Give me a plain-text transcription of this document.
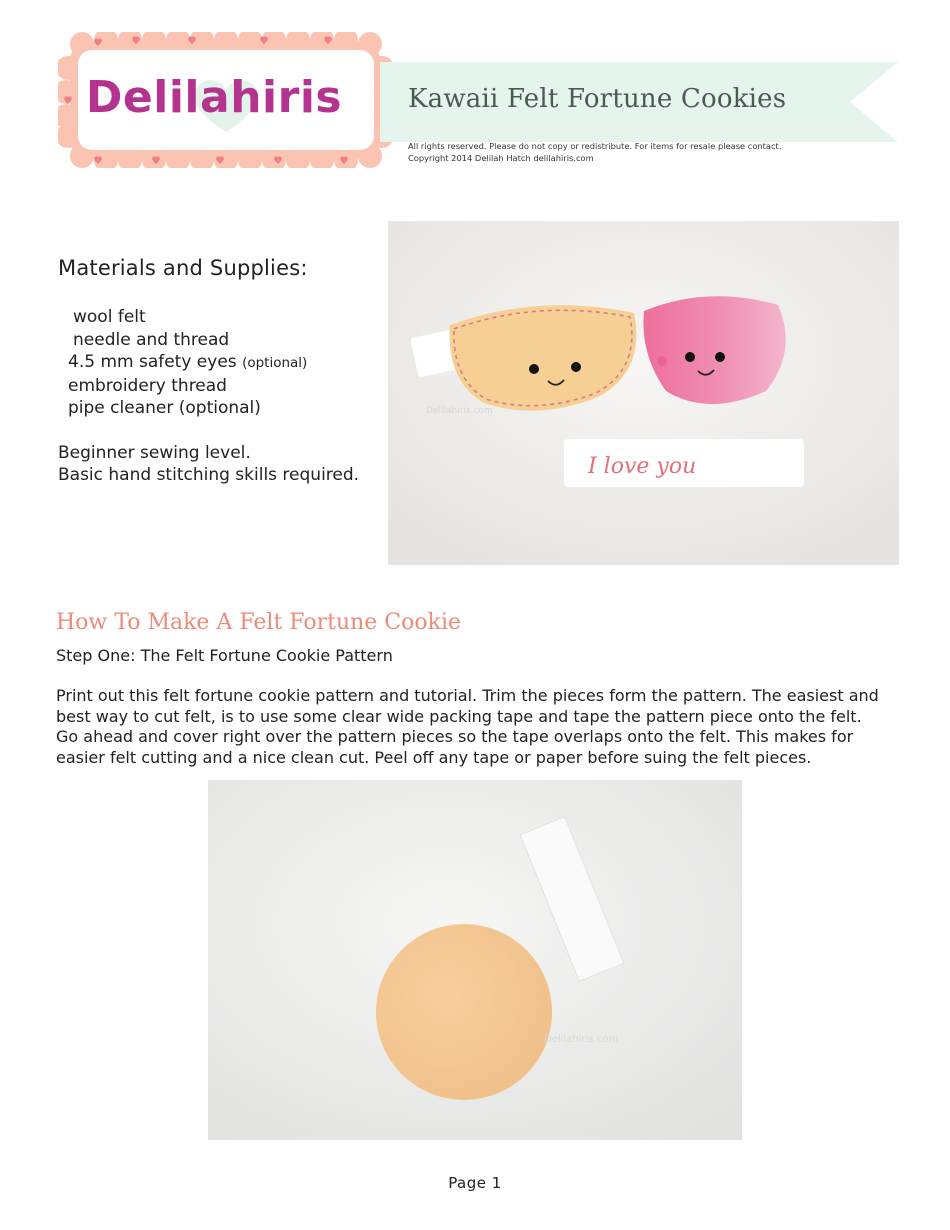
Delilahiris	Kawaii Felt Fortune Cookies
All rights reserved. Please do not copy or redistribute. For items for resale please contact.
Copyright 2014 Delilah Hatch delilahiris.com
Materials and Supplies:
wool felt
needle and thread
4.5 mm safety eyes (optional)
embroidery thread
pipe cleaner (optional)
Beginner sewing level.
Basic hand stitching skills required.
Delilahiris.com
I love you
How To Make A Felt Fortune Cookie
Step One: The Felt Fortune Cookie Pattern
Print out this felt fortune cookie pattern and tutorial. Trim the pieces form the pattern. The easiest and
best way to cut felt, is to use some clear wide packing tape and tape the pattern piece onto the felt.
Go ahead and cover right over the pattern pieces so the tape overlaps onto the felt. This makes for
easier felt cutting and a nice clean cut. Peel off any tape or paper before suing the felt pieces.
Delilahiris.com
Page 1
